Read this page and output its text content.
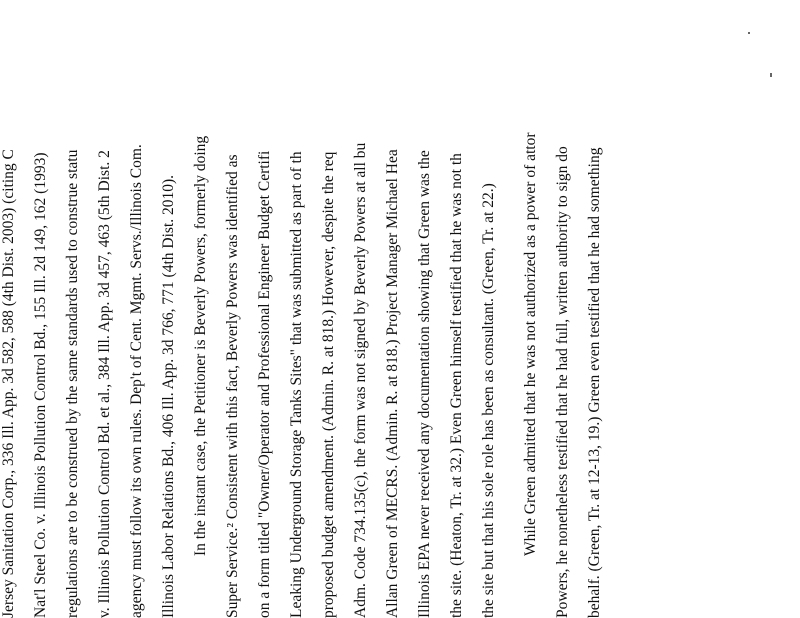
Jersey Sanitation Corp., 336 Ill. App. 3d 582, 588 (4th Dist. 2003) (citing C Nat'l Steel Co. v. Illinois Pollution Control Bd., 155 Ill. 2d 149, 162 (1993) regulations are to be construed by the same standards used to construe statu v. Illinois Pollution Control Bd. et al., 384 Ill. App. 3d 457, 463 (5th Dist. 2 agency must follow its own rules. Dep't of Cent. Mgmt. Servs./Illinois Com. Illinois Labor Relations Bd., 406 Ill. App. 3d 766, 771 (4th Dist. 2010). In the instant case, the Petitioner is Beverly Powers, formerly doing Super Service.² Consistent with this fact, Beverly Powers was identified as on a form titled "Owner/Operator and Professional Engineer Budget Certifi Leaking Underground Storage Tanks Sites" that was submitted as part of th proposed budget amendment. (Admin. R. at 818.) However, despite the req Adm. Code 734.135(c), the form was not signed by Beverly Powers at all bu Allan Green of MECRS. (Admin. R. at 818.) Project Manager Michael Hea Illinois EPA never received any documentation showing that Green was the the site. (Heaton, Tr. at 32.) Even Green himself testified that he was not th the site but that his sole role has been as consultant. (Green, Tr. at 22.) While Green admitted that he was not authorized as a power of attor Powers, he nonetheless testified that he had full, written authority to sign do behalf. (Green, Tr. at 12-13, 19.) Green even testified that he had something
